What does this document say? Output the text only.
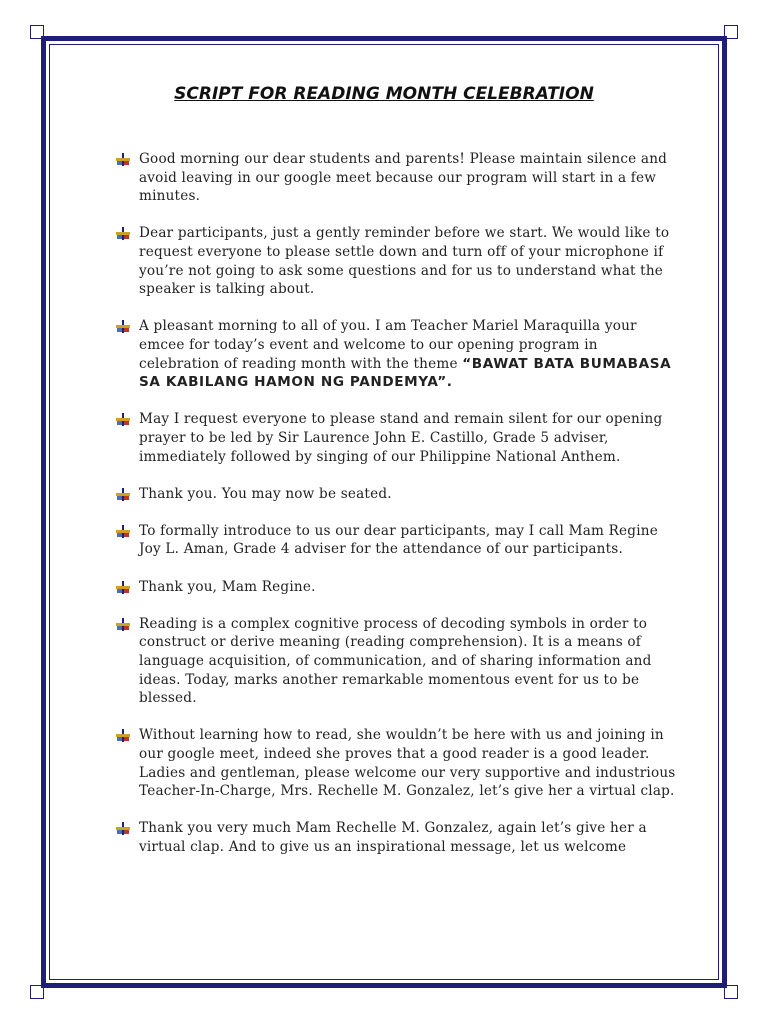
SCRIPT FOR READING MONTH CELEBRATION
Good morning our dear students and parents! Please maintain silence and avoid leaving in our google meet because our program will start in a few minutes.
Dear participants, just a gently reminder before we start. We would like to request everyone to please settle down and turn off of your microphone if you’re not going to ask some questions and for us to understand what the speaker is talking about.
A pleasant morning to all of you. I am Teacher Mariel Maraquilla your emcee for today’s event and welcome to our opening program in celebration of reading month with the theme “BAWAT BATA BUMABASA SA KABILANG HAMON NG PANDEMYA”.
May I request everyone to please stand and remain silent for our opening prayer to be led by Sir Laurence John E. Castillo, Grade 5 adviser, immediately followed by singing of our Philippine National Anthem.
Thank you. You may now be seated.
To formally introduce to us our dear participants, may I call Mam Regine Joy L. Aman, Grade 4 adviser for the attendance of our participants.
Thank you, Mam Regine.
Reading is a complex cognitive process of decoding symbols in order to construct or derive meaning (reading comprehension). It is a means of language acquisition, of communication, and of sharing information and ideas. Today, marks another remarkable momentous event for us to be blessed.
Without learning how to read, she wouldn’t be here with us and joining in our google meet, indeed she proves that a good reader is a good leader. Ladies and gentleman, please welcome our very supportive and industrious Teacher-In-Charge, Mrs. Rechelle M. Gonzalez, let’s give her a virtual clap.
Thank you very much Mam Rechelle M. Gonzalez, again let’s give her a virtual clap. And to give us an inspirational message, let us welcome
